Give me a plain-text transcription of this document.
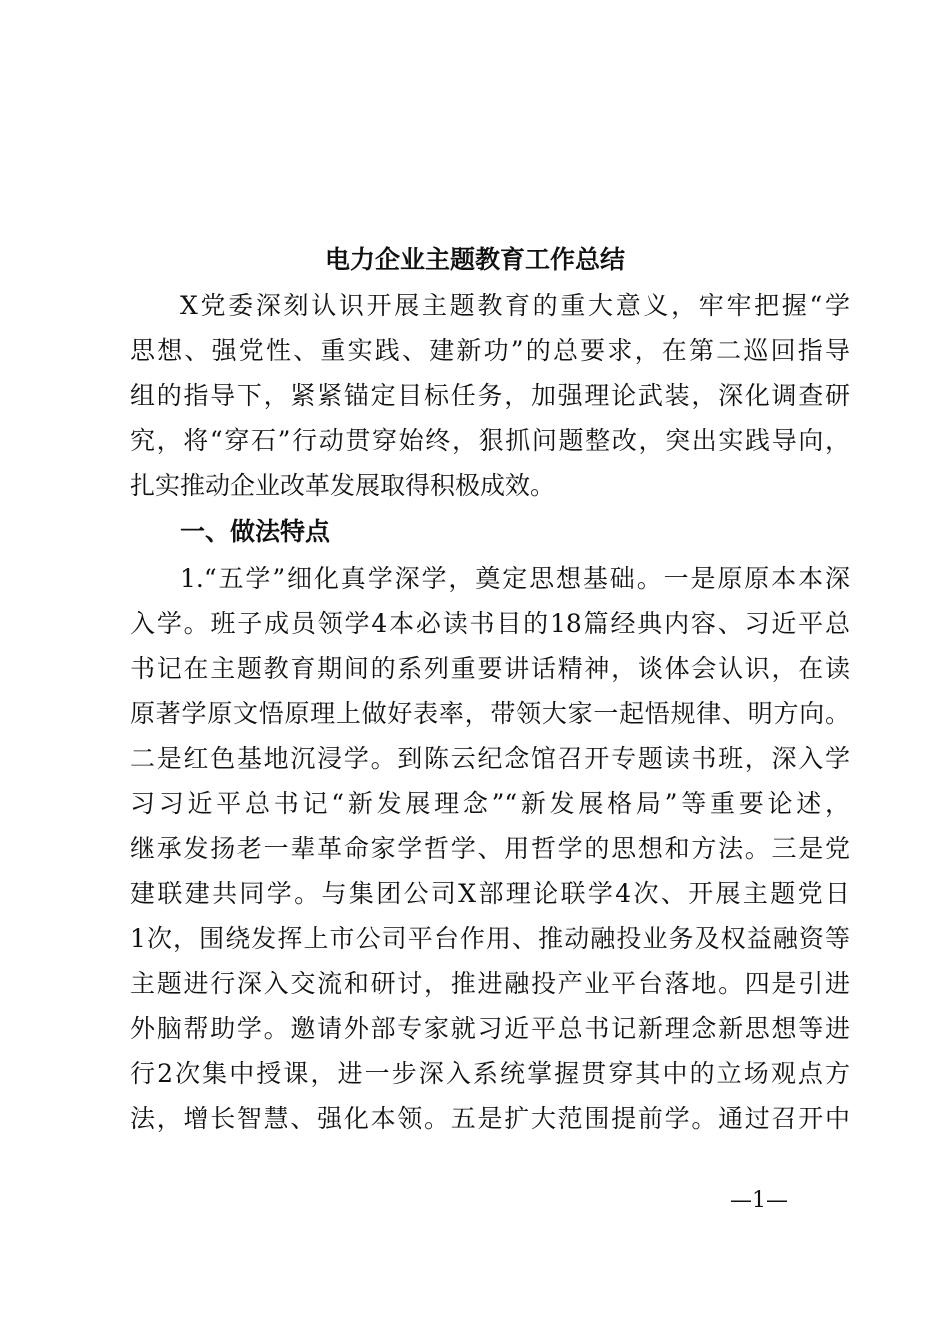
电力企业主题教育工作总结
X党委深刻认识开展主题教育的重大意义，牢牢把握“学
思想、强党性、重实践、建新功”的总要求，在第二巡回指导
组的指导下，紧紧锚定目标任务，加强理论武装，深化调查研
究，将“穿石”行动贯穿始终，狠抓问题整改，突出实践导向，
扎实推动企业改革发展取得积极成效。
一、做法特点
1.“五学”细化真学深学，奠定思想基础。一是原原本本深
入学。班子成员领学4本必读书目的18篇经典内容、习近平总
书记在主题教育期间的系列重要讲话精神，谈体会认识，在读
原著学原文悟原理上做好表率，带领大家一起悟规律、明方向。
二是红色基地沉浸学。到陈云纪念馆召开专题读书班，深入学
习习近平总书记“新发展理念”“新发展格局”等重要论述，
继承发扬老一辈革命家学哲学、用哲学的思想和方法。三是党
建联建共同学。与集团公司X部理论联学4次、开展主题党日
1次，围绕发挥上市公司平台作用、推动融投业务及权益融资等
主题进行深入交流和研讨，推进融投产业平台落地。四是引进
外脑帮助学。邀请外部专家就习近平总书记新理念新思想等进
行2次集中授课，进一步深入系统掌握贯穿其中的立场观点方
法，增长智慧、强化本领。五是扩大范围提前学。通过召开中
—1—
